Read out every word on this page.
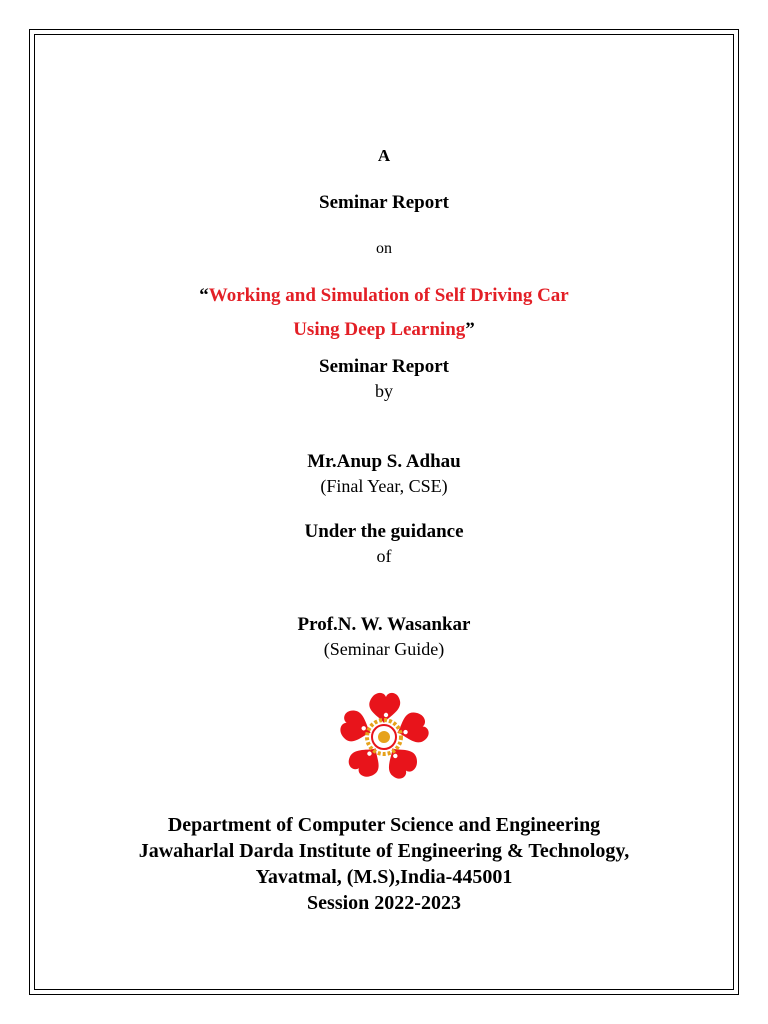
A
Seminar Report
on
“Working and Simulation of Self Driving Car
Using Deep Learning”
Seminar Report
by
Mr.Anup S. Adhau
(Final Year, CSE)
Under the guidance
of
Prof.N. W. Wasankar
(Seminar Guide)
Department of Computer Science and Engineering
Jawaharlal Darda Institute of Engineering & Technology,
Yavatmal, (M.S),India-445001
Session 2022-2023
